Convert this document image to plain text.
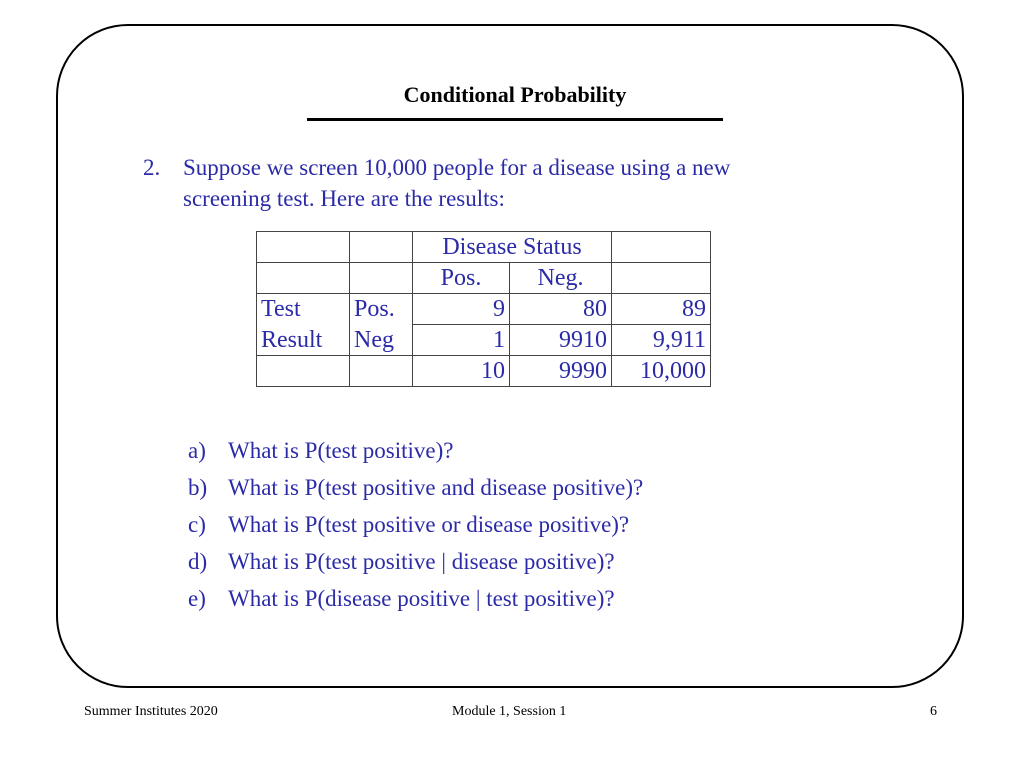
Conditional Probability
2. Suppose we screen 10,000 people for a disease using a new screening test. Here are the results:
		Disease Status		
		Pos.	Neg.	
Test	Pos.	9	80	89
Result	Neg	1	9910	9,911
		10	9990	10,000
a) What is P(test positive)?
b) What is P(test positive and disease positive)?
c) What is P(test positive or disease positive)?
d) What is P(test positive | disease positive)?
e) What is P(disease positive | test positive)?
Summer Institutes 2020	Module 1, Session 1	6
